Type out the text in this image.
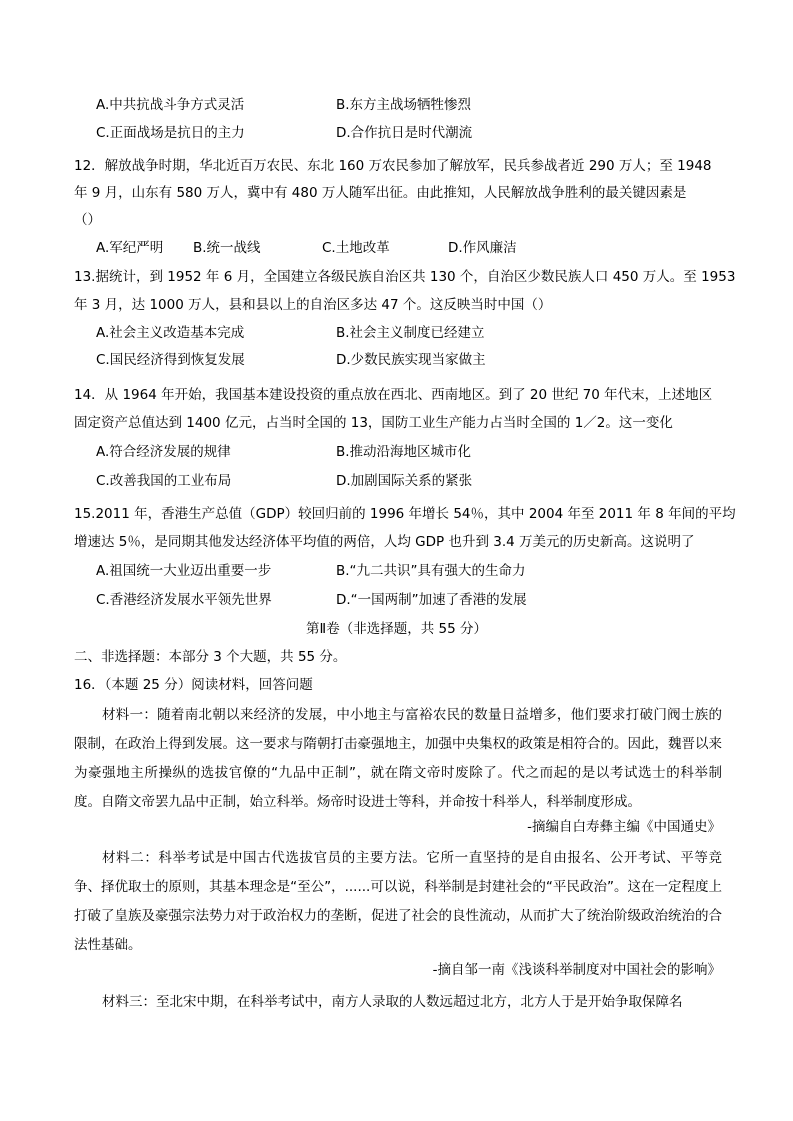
A.中共抗战斗争方式灵活	B.东方主战场牺牲惨烈
C.正面战场是抗日的主力	D.合作抗日是时代潮流
12．解放战争时期，华北近百万农民、东北 160 万农民参加了解放军，民兵参战者近 290 万人；至 1948
年 9 月，山东有 580 万人，冀中有 480 万人随军出征。由此推知，人民解放战争胜利的最关键因素是
（）
A.军纪严明 B.统一战线	C.土地改革	D.作风廉洁
13.据统计，到 1952 年 6 月，全国建立各级民族自治区共 130 个，自治区少数民族人口 450 万人。至 1953
年 3 月，达 1000 万人，县和县以上的自治区多达 47 个。这反映当时中国（）
A.社会主义改造基本完成	B.社会主义制度已经建立
C.国民经济得到恢复发展	D.少数民族实现当家做主
14．从 1964 年开始，我国基本建设投资的重点放在西北、西南地区。到了 20 世纪 70 年代末，上述地区
固定资产总值达到 1400 亿元，占当时全国的 13，国防工业生产能力占当时全国的 1／2。这一变化
A.符合经济发展的规律	B.推动沿海地区城市化
C.改善我国的工业布局	D.加剧国际关系的紧张
15.2011 年，香港生产总值（GDP）较回归前的 1996 年增长 54％，其中 2004 年至 2011 年 8 年间的平均
增速达 5％，是同期其他发达经济体平均值的两倍，人均 GDP 也升到 3.4 万美元的历史新高。这说明了
A.祖国统一大业迈出重要一步	B.“九二共识”具有强大的生命力
C.香港经济发展水平领先世界	D.“一国两制”加速了香港的发展
第Ⅱ卷（非选择题，共 55 分）
二、非选择题：本部分 3 个大题，共 55 分。
16．（本题 25 分）阅读材料，回答问题

材料一：随着南北朝以来经济的发展，中小地主与富裕农民的数量日益增多，他们要求打破门阀士族的限制，在政治上得到发展。这一要求与隋朝打击豪强地主，加强中央集权的政策是相符合的。因此，魏晋以来为豪强地主所操纵的选拔官僚的“九品中正制”，就在隋文帝时废除了。代之而起的是以考试选士的科举制度。自隋文帝罢九品中正制，始立科举。炀帝时设进士等科，并命按十科举人，科举制度形成。

-摘编自白寿彝主编《中国通史》

材料二：科举考试是中国古代选拔官员的主要方法。它所一直坚持的是自由报名、公开考试、平等竞争、择优取士的原则，其基本理念是“至公”，......可以说，科举制是封建社会的“平民政治”。这在一定程度上打破了皇族及豪强宗法势力对于政治权力的垄断，促进了社会的良性流动，从而扩大了统治阶级政治统治的合法性基础。

-摘自邹一南《浅谈科举制度对中国社会的影响》
材料三：至北宋中期，在科举考试中，南方人录取的人数远超过北方，北方人于是开始争取保障名
